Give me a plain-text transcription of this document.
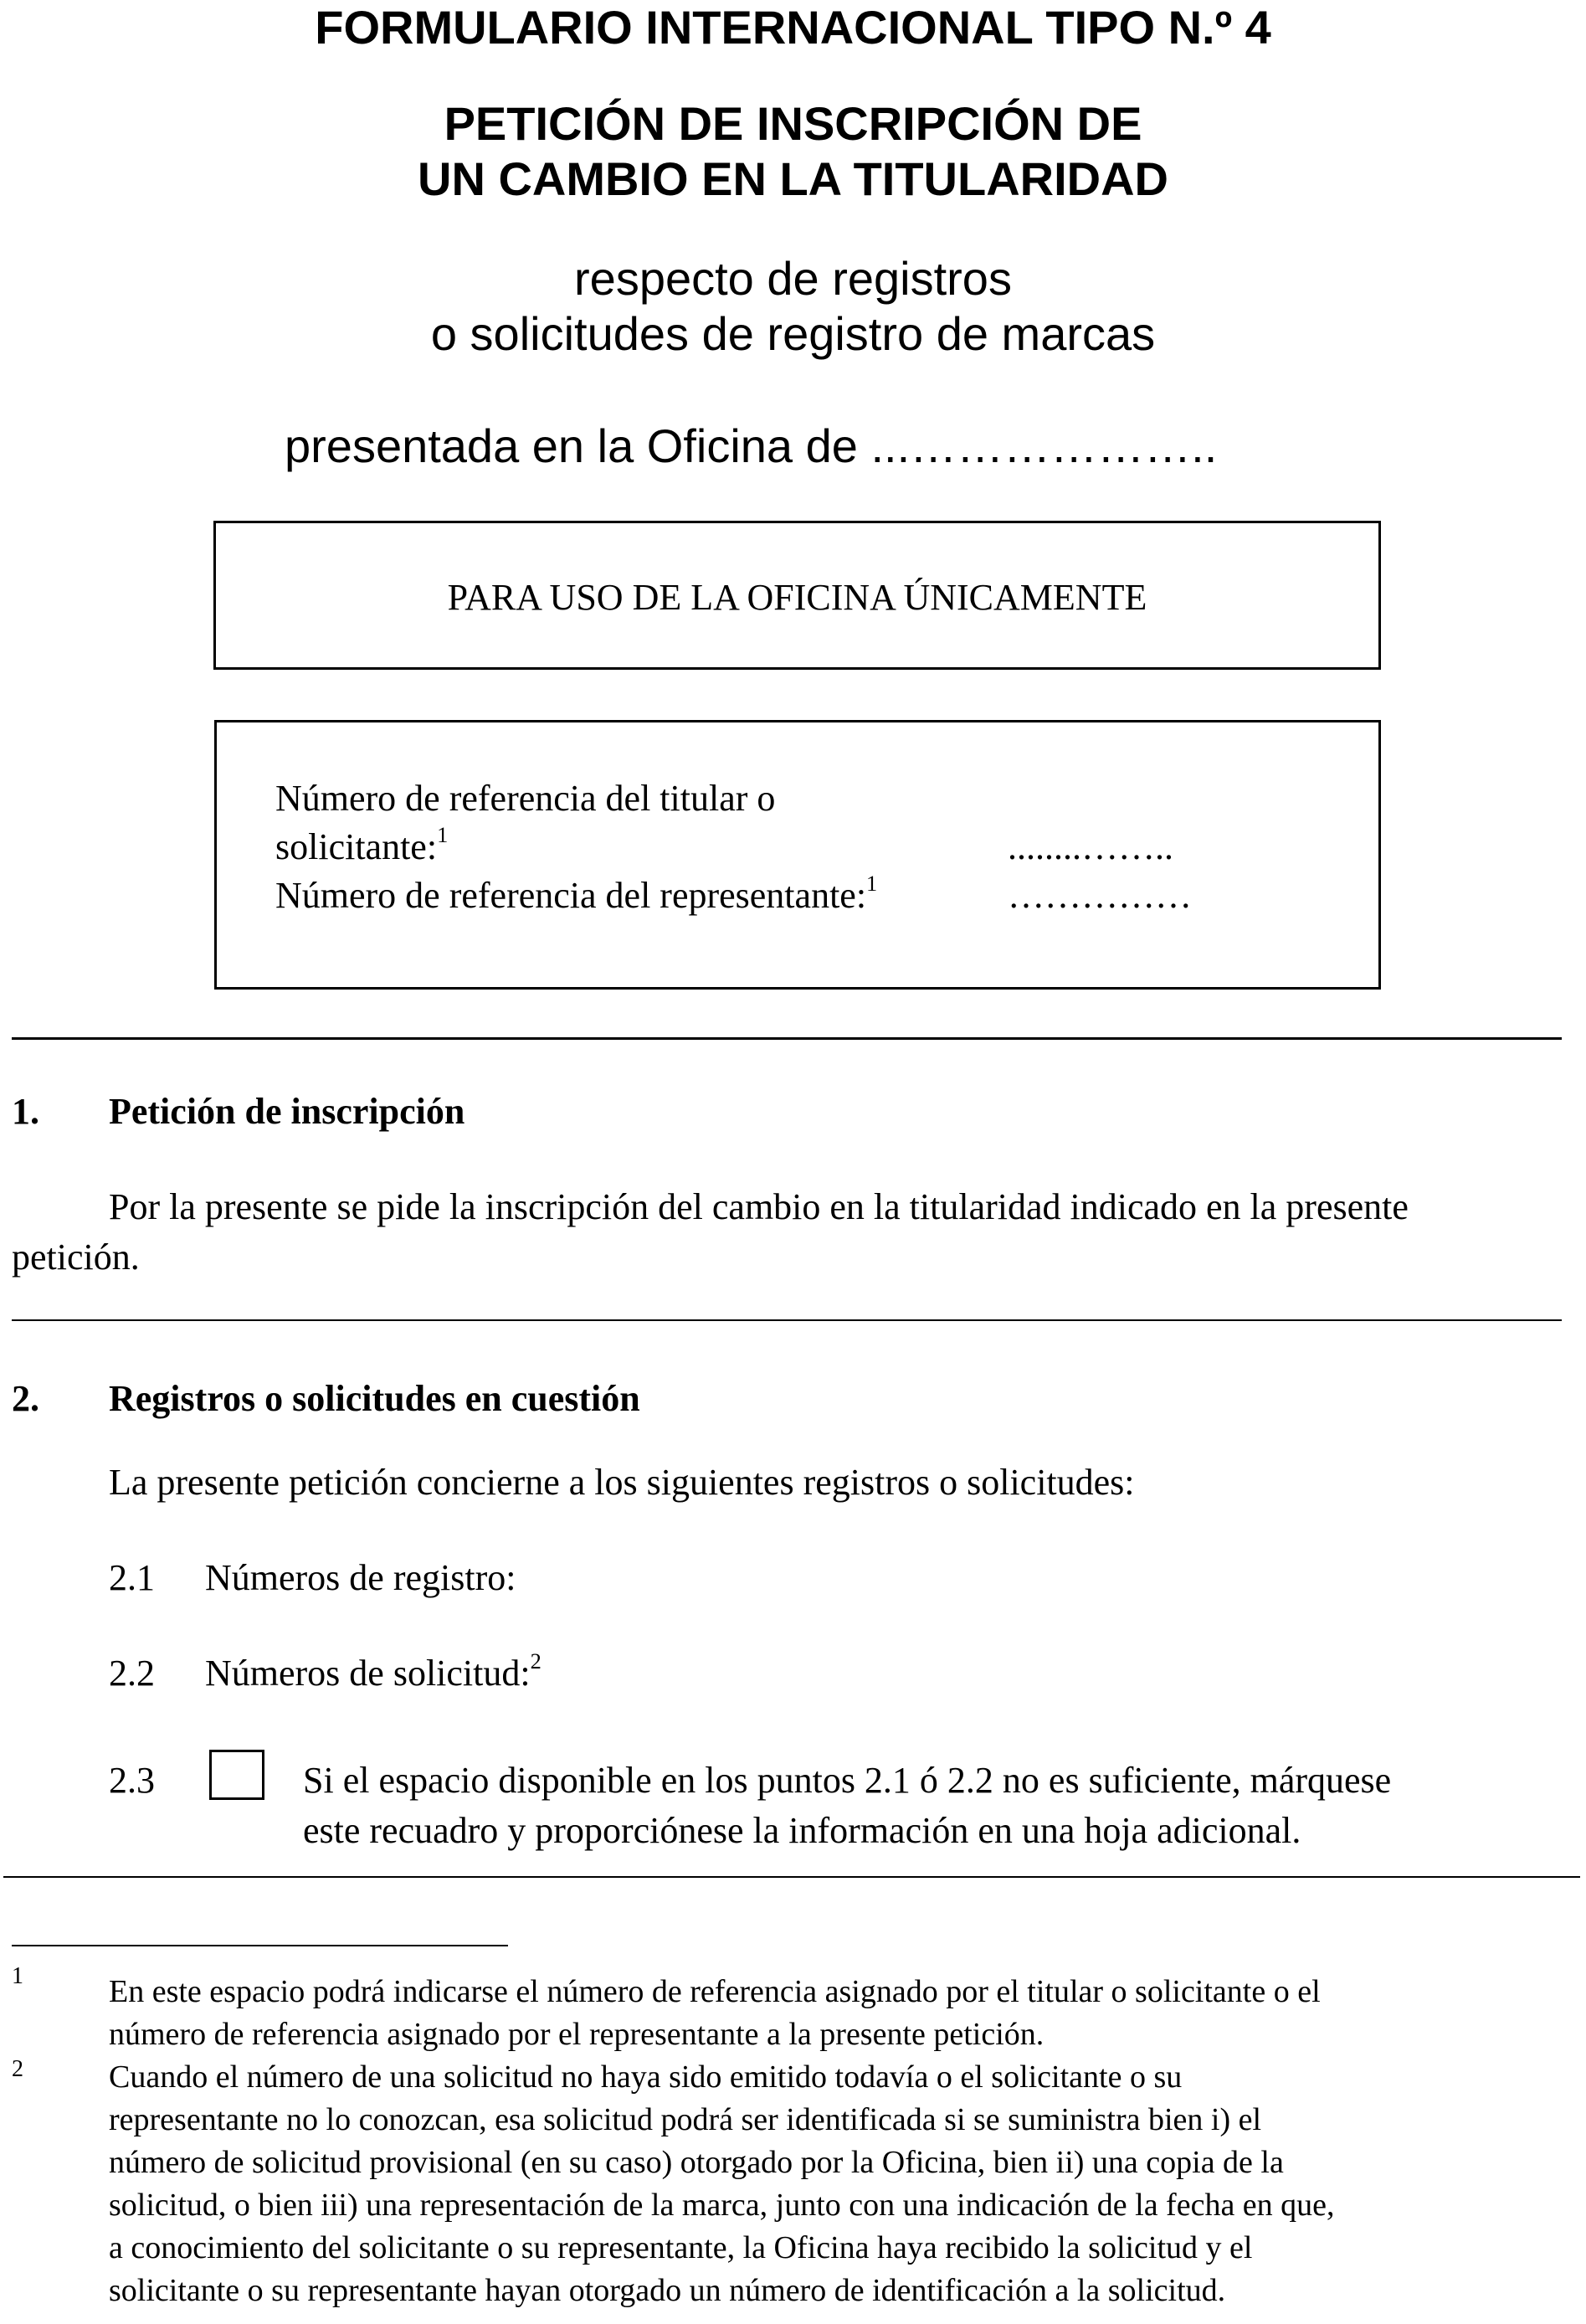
FORMULARIO INTERNACIONAL TIPO N.º 4
PETICIÓN DE INSCRIPCIÓN DE
UN CAMBIO EN LA TITULARIDAD
respecto de registros
o solicitudes de registro de marcas
presentada en la Oficina de ...………………..
PARA USO DE LA OFICINA ÚNICAMENTE
Número de referencia del titular o
solicitante:$^1$	........……..
Número de referencia del representante:$^1$	……………
1. Petición de inscripción
Por la presente se pide la inscripción del cambio en la titularidad indicado en la presente
petición.
2. Registros o solicitudes en cuestión
La presente petición concierne a los siguientes registros o solicitudes:
2.1 Números de registro:
2.2 Números de solicitud:$^2$
2.3	Si el espacio disponible en los puntos 2.1 ó 2.2 no es suficiente, márquese
este recuadro y proporciónese la información en una hoja adicional.
1	En este espacio podrá indicarse el número de referencia asignado por el titular o solicitante o el
número de referencia asignado por el representante a la presente petición.
2	Cuando el número de una solicitud no haya sido emitido todavía o el solicitante o su
representante no lo conozcan, esa solicitud podrá ser identificada si se suministra bien i) el
número de solicitud provisional (en su caso) otorgado por la Oficina, bien ii) una copia de la
solicitud, o bien iii) una representación de la marca, junto con una indicación de la fecha en que,
a conocimiento del solicitante o su representante, la Oficina haya recibido la solicitud y el
solicitante o su representante hayan otorgado un número de identificación a la solicitud.
